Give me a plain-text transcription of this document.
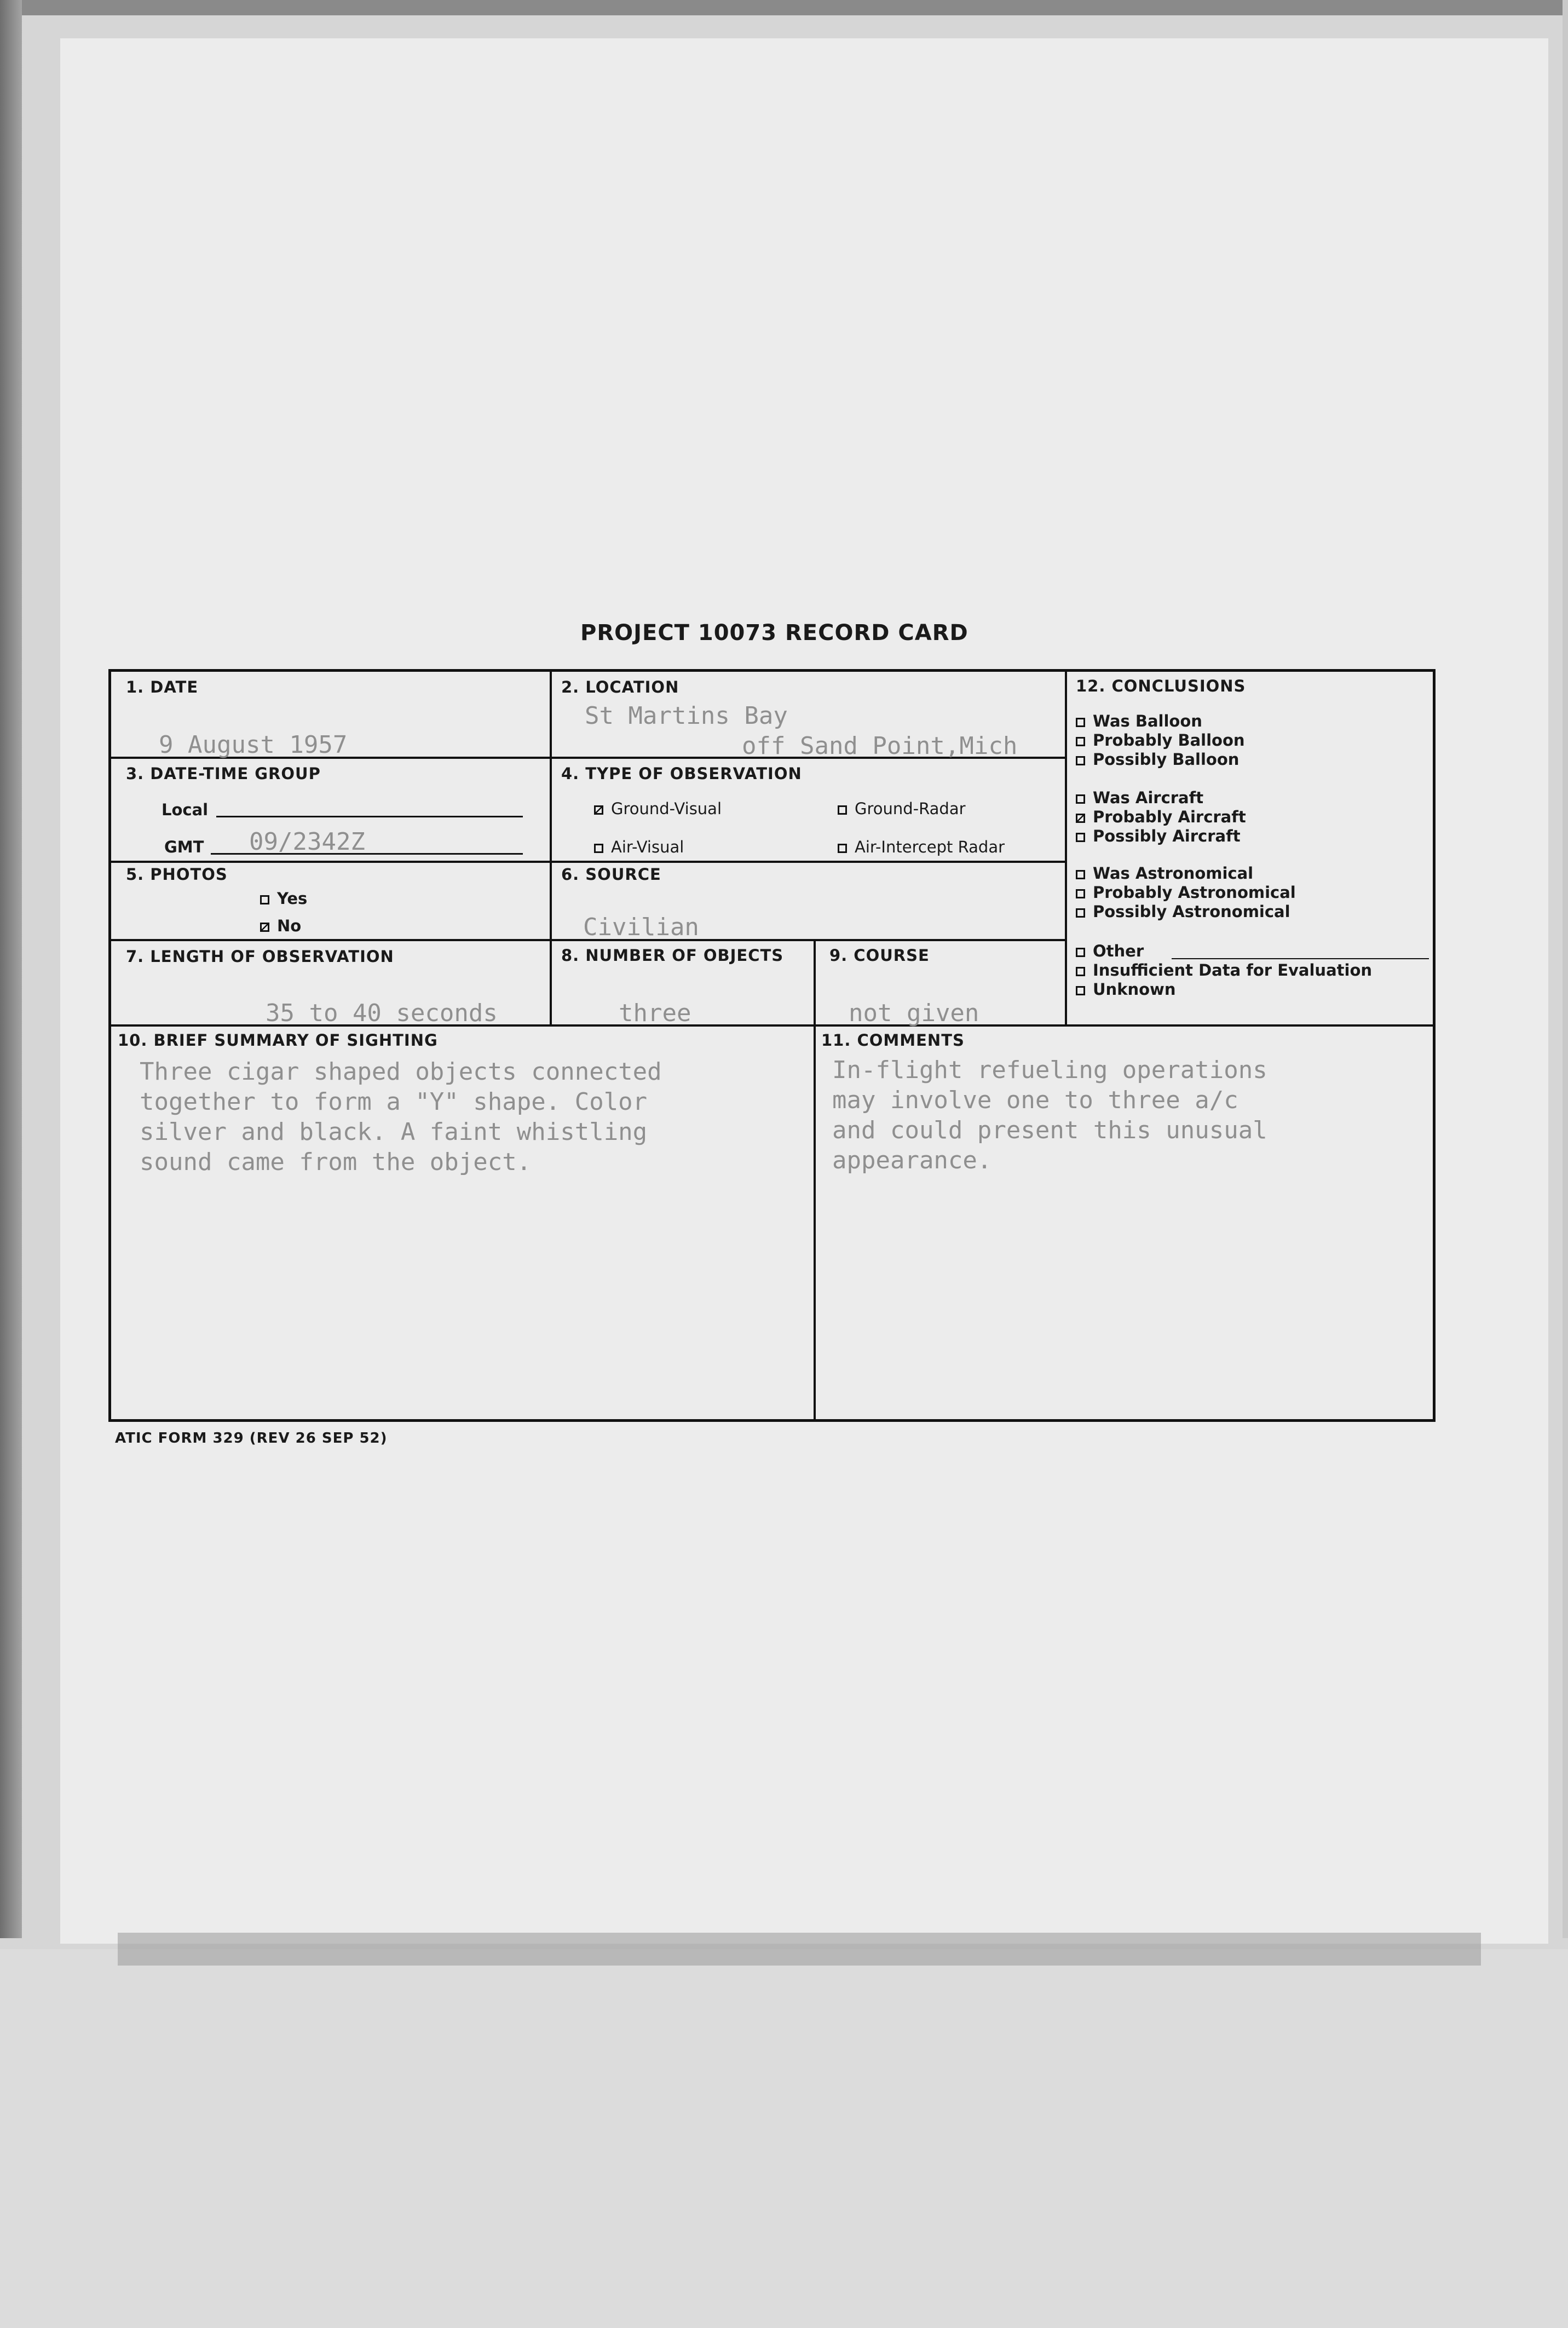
PROJECT 10073 RECORD CARD
1. DATE
9 August 1957
2. LOCATION
St Martins Bay
off Sand Point,Mich
3. DATE-TIME GROUP
Local
GMT 09/2342Z
4. TYPE OF OBSERVATION
Ground-Visual	Ground-Radar
Air-Visual	Air-Intercept Radar
5. PHOTOS
Yes
No
6. SOURCE
Civilian
7. LENGTH OF OBSERVATION
35 to 40 seconds
8. NUMBER OF OBJECTS
three
9. COURSE
not given
12. CONCLUSIONS
Was Balloon
Probably Balloon
Possibly Balloon
Was Aircraft
Probably Aircraft
Possibly Aircraft
Was Astronomical
Probably Astronomical
Possibly Astronomical
Other
Insufficient Data for Evaluation
Unknown
10. BRIEF SUMMARY OF SIGHTING
Three cigar shaped objects connected
together to form a "Y" shape. Color
silver and black. A faint whistling
sound came from the object.
11. COMMENTS
In-flight refueling operations
may involve one to three a/c
and could present this unusual
appearance.
ATIC FORM 329 (REV 26 SEP 52)
